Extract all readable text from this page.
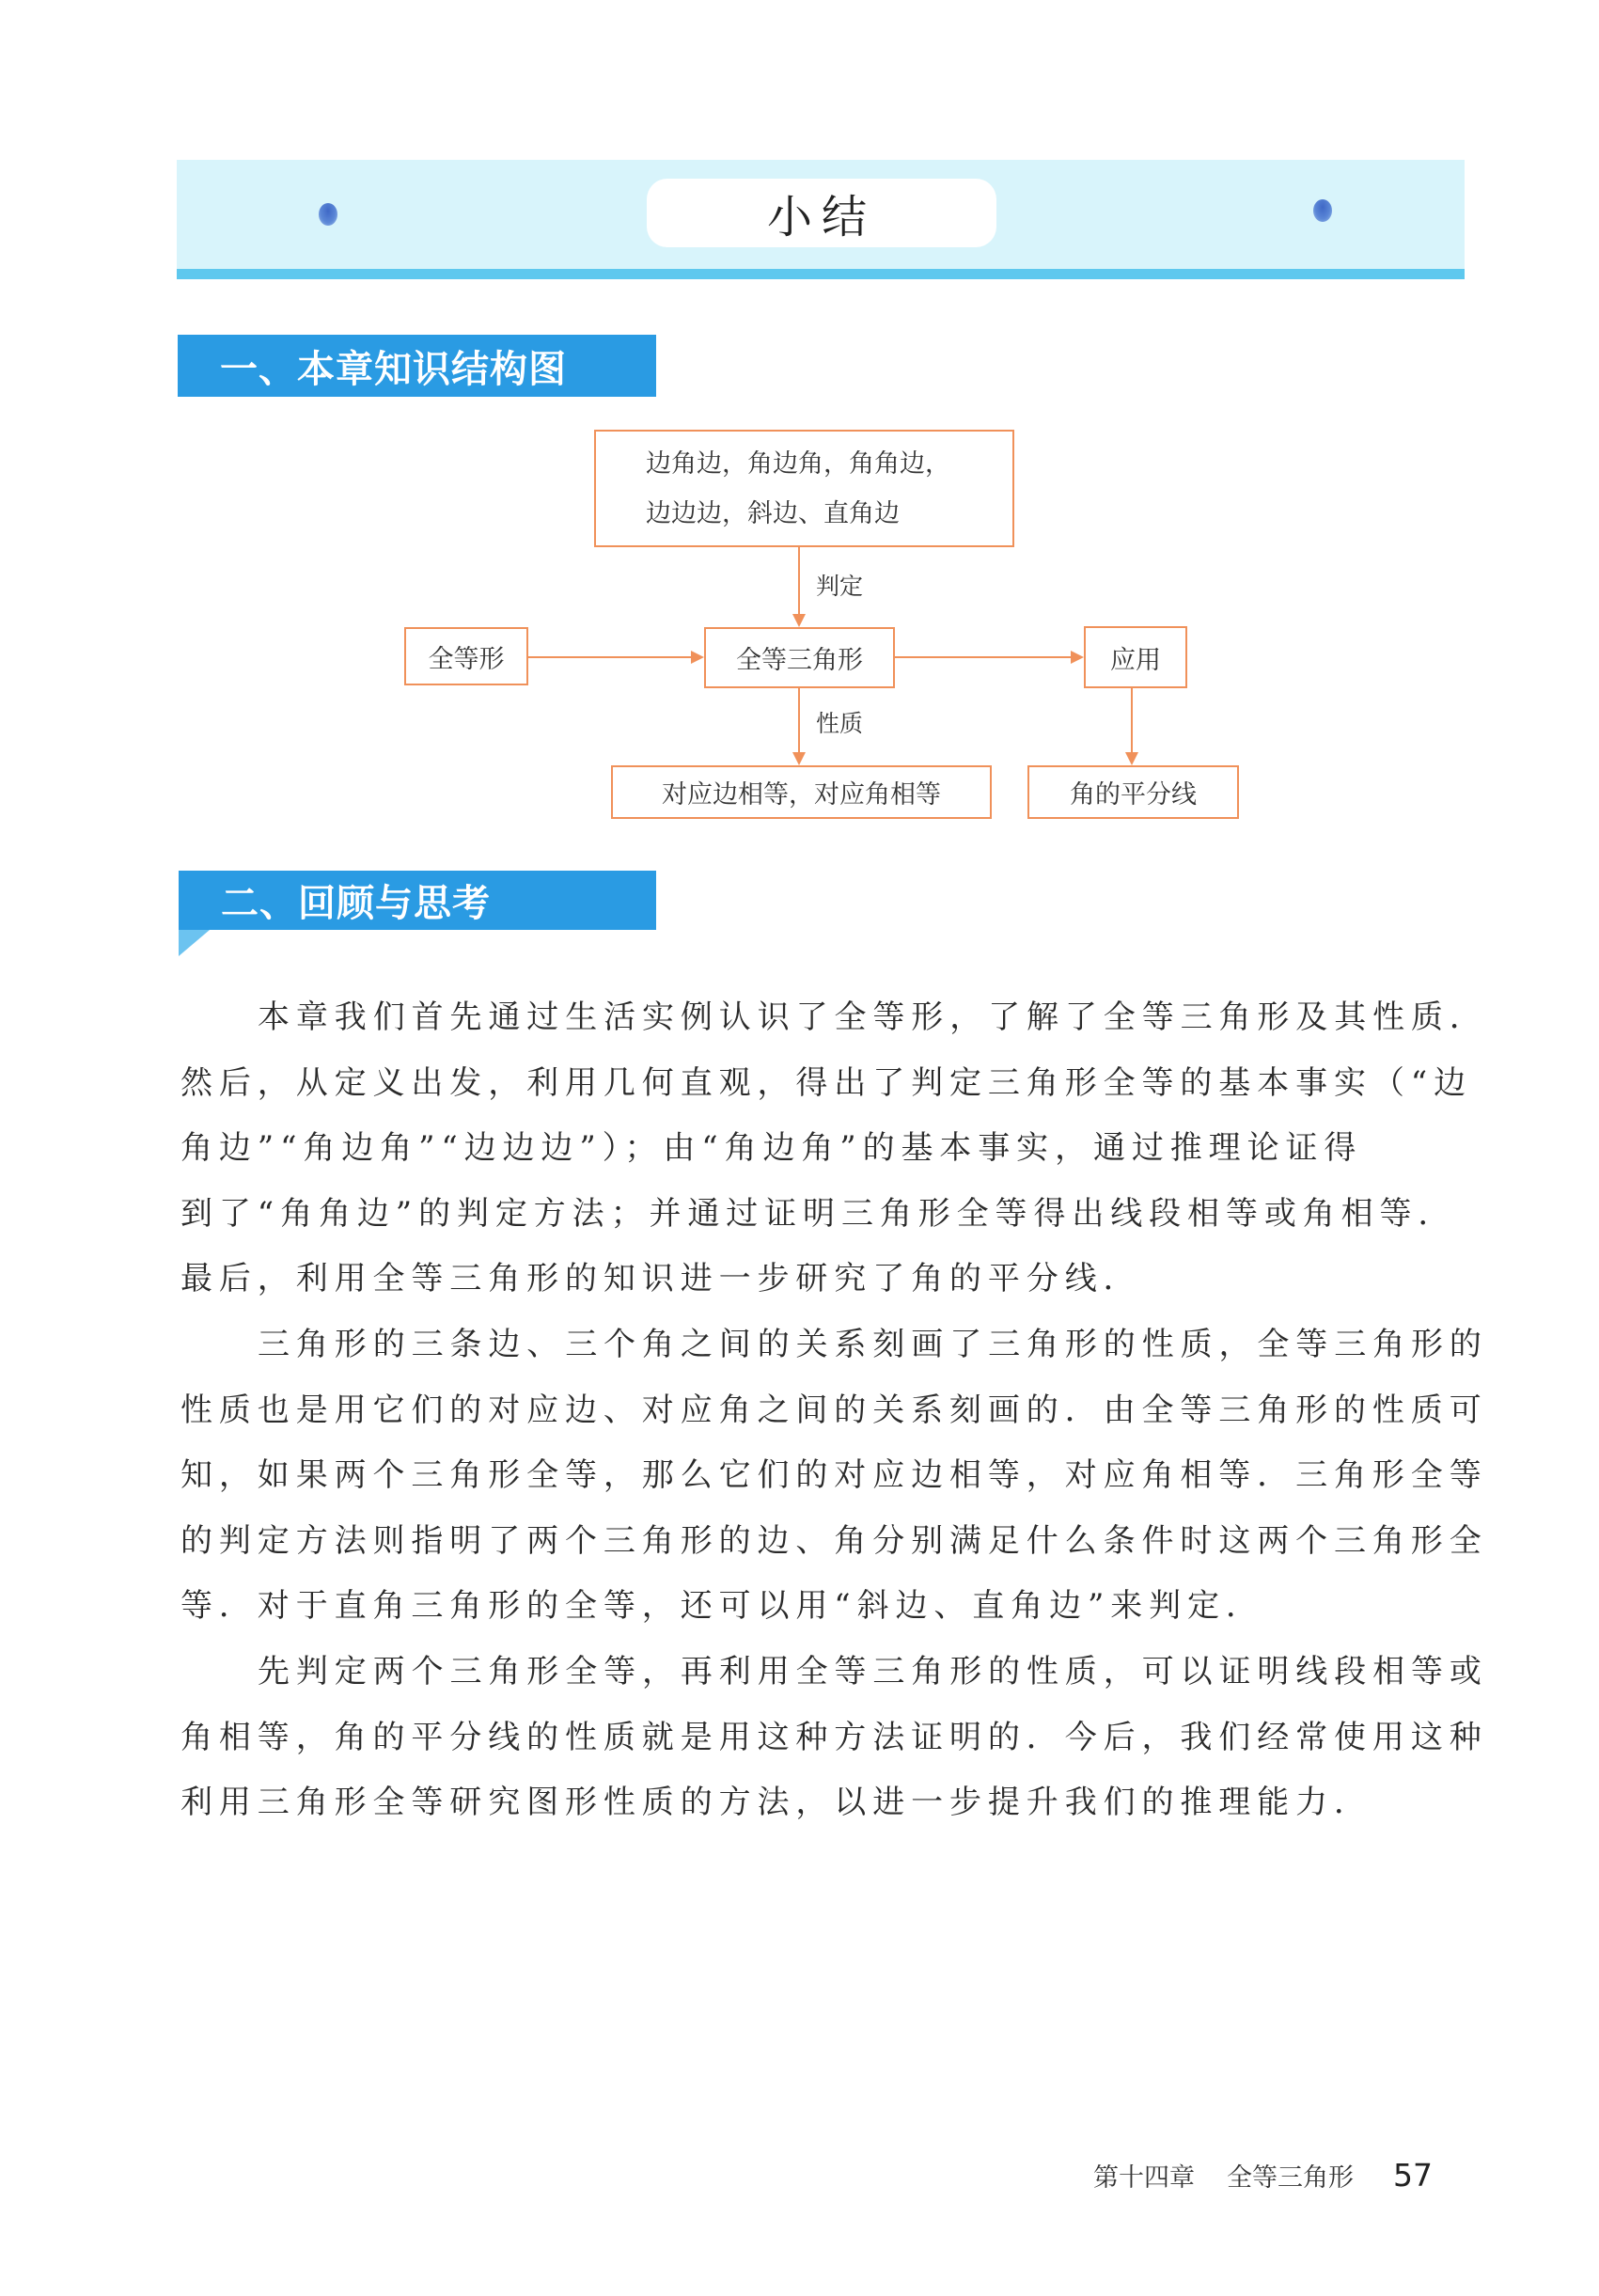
小结
一、本章知识结构图
边角边，角边角，角角边，
边边边，斜边、直角边
判定
全等形	全等三角形	应用
性质
对应边相等，对应角相等	角的平分线
二、回顾与思考
本章我们首先通过生活实例认识了全等形，了解了全等三角形及其性质．
然后，从定义出发，利用几何直观，得出了判定三角形全等的基本事实（“边
角边”“角边角”“边边边”）；由“角边角”的基本事实，通过推理论证得
到了“角角边”的判定方法；并通过证明三角形全等得出线段相等或角相等．
最后，利用全等三角形的知识进一步研究了角的平分线．
三角形的三条边、三个角之间的关系刻画了三角形的性质，全等三角形的
性质也是用它们的对应边、对应角之间的关系刻画的．由全等三角形的性质可
知，如果两个三角形全等，那么它们的对应边相等，对应角相等．三角形全等
的判定方法则指明了两个三角形的边、角分别满足什么条件时这两个三角形全
等．对于直角三角形的全等，还可以用“斜边、直角边”来判定．
先判定两个三角形全等，再利用全等三角形的性质，可以证明线段相等或
角相等，角的平分线的性质就是用这种方法证明的．今后，我们经常使用这种
利用三角形全等研究图形性质的方法，以进一步提升我们的推理能力．
第十四章 全等三角形 57
